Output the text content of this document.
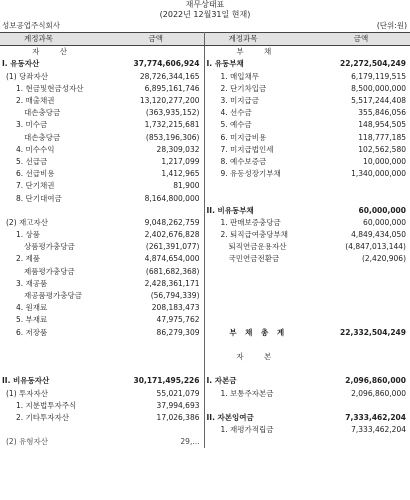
재무상태표
(2022년 12월31일 현재)
성보공업주식회사	(단위:원)
계정과목	금액	계정과목	금액
자 산		부 채	
I. 유동자산	37,774,606,924	I. 유동부채	22,272,504,249
(1) 당좌자산	28,726,344,165	1. 매입채무	6,179,119,515
1. 현금및현금성자산	6,895,161,746	2. 단기차입금	8,500,000,000
2. 매출채권	13,120,277,200	3. 미지급금	5,517,244,408
대손충당금	(363,935,152)	4. 선수금	355,846,056
3. 미수금	1,732,215,681	5. 예수금	148,954,505
대손충당금	(853,196,306)	6. 미지급비용	118,777,185
4. 미수수익	28,309,032	7. 미지급법인세	102,562,580
5. 선급금	1,217,099	8. 예수보증금	10,000,000
6. 선급비용	1,412,965	9. 유동성장기부채	1,340,000,000
7. 단기채권	81,900		
8. 단기대여금	8,164,800,000		
		II. 비유동부채	60,000,000
(2) 재고자산	9,048,262,759	1. 판매보증충당금	60,000,000
1. 상품	2,402,676,828	2. 퇴직급여충당부채	4,849,434,050
상품평가충당금	(261,391,077)	퇴직연금운용자산	(4,847,013,144)
2. 제품	4,874,654,000	국민연금전환금	(2,420,906)
제품평가충당금	(681,682,368)		
3. 재공품	2,428,361,171		
재공품평가충당금	(56,794,339)		
4. 원재료	208,183,473		
5. 부재료	47,975,762		
6. 저장품	86,279,309	부 채 총 계	22,332,504,249

		자 본	

II. 비유동자산	30,171,495,226	I. 자본금	2,096,860,000
(1) 투자자산	55,021,079	1. 보통주자본금	2,096,860,000
1. 지분법투자주식	37,994,693		
2. 기타투자자산	17,026,386	II. 자본잉여금	7,333,462,204
		1. 재평가적립금	7,333,462,204
(2) 유형자산	29,...		
